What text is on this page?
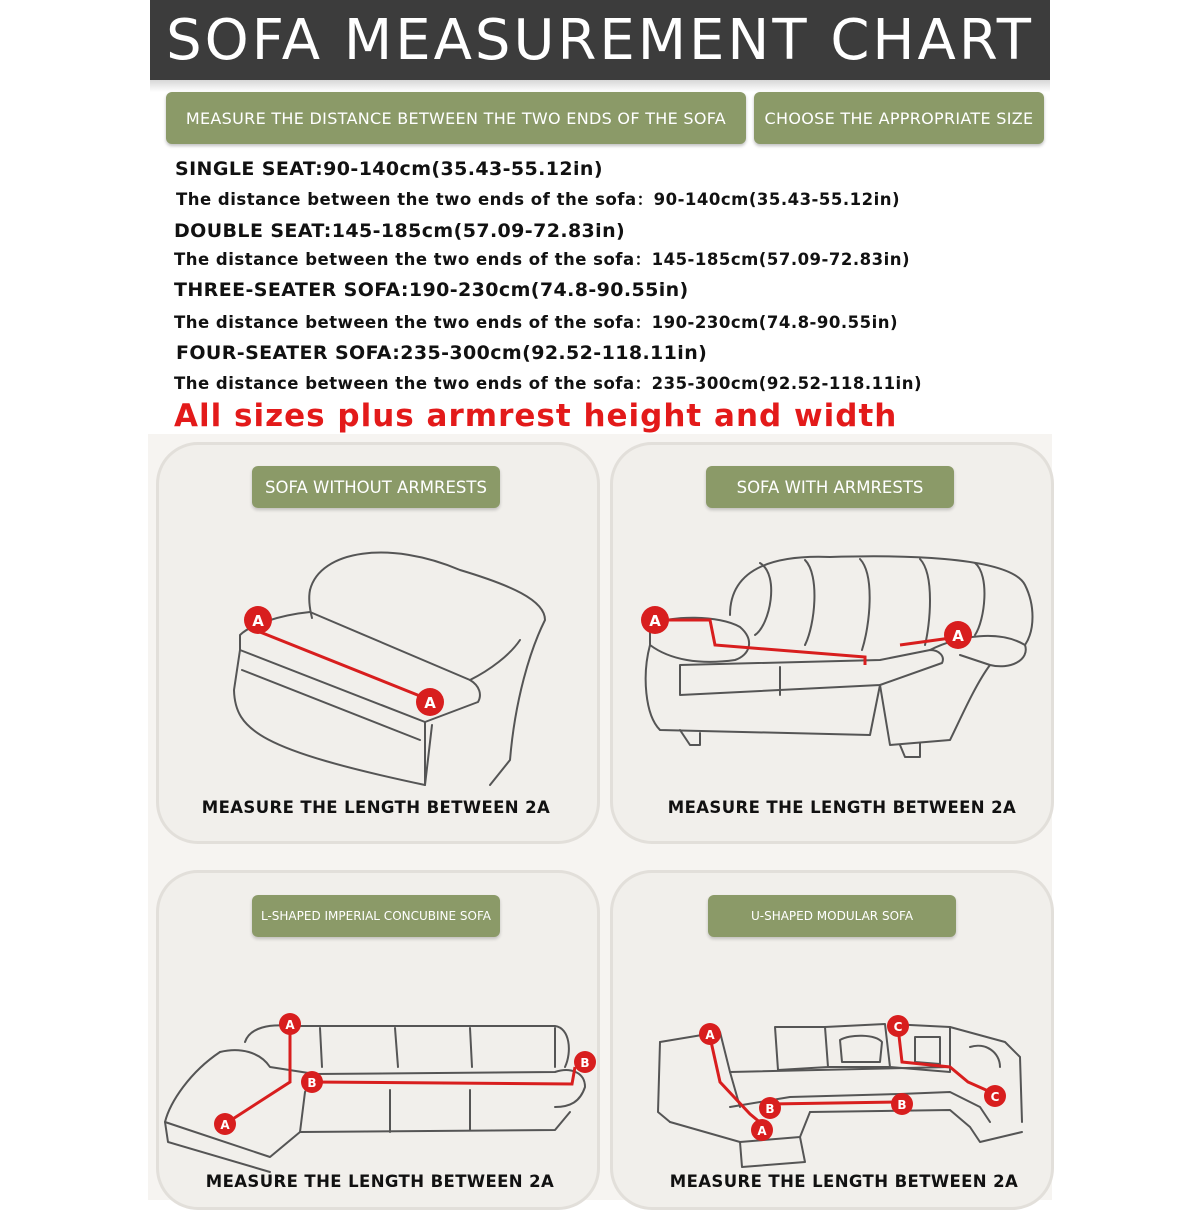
SOFA MEASUREMENT CHART
MEASURE THE DISTANCE BETWEEN THE TWO ENDS OF THE SOFA	CHOOSE THE APPROPRIATE SIZE
SINGLE SEAT:90-140cm(35.43-55.12in)
The distance between the two ends of the sofa：90-140cm(35.43-55.12in)
DOUBLE SEAT:145-185cm(57.09-72.83in)
The distance between the two ends of the sofa：145-185cm(57.09-72.83in)
THREE-SEATER SOFA:190-230cm(74.8-90.55in)
The distance between the two ends of the sofa：190-230cm(74.8-90.55in)
FOUR-SEATER SOFA:235-300cm(92.52-118.11in)
The distance between the two ends of the sofa：235-300cm(92.52-118.11in)
All sizes plus armrest height and width
SOFA WITHOUT ARMRESTS
A
A
MEASURE THE LENGTH BETWEEN 2A
SOFA WITH ARMRESTS
A
A
MEASURE THE LENGTH BETWEEN 2A
L-SHAPED IMPERIAL CONCUBINE SOFA
A
A
B
B
MEASURE THE LENGTH BETWEEN 2A
U-SHAPED MODULAR SOFA
A
A
B	B
C
C
MEASURE THE LENGTH BETWEEN 2A
